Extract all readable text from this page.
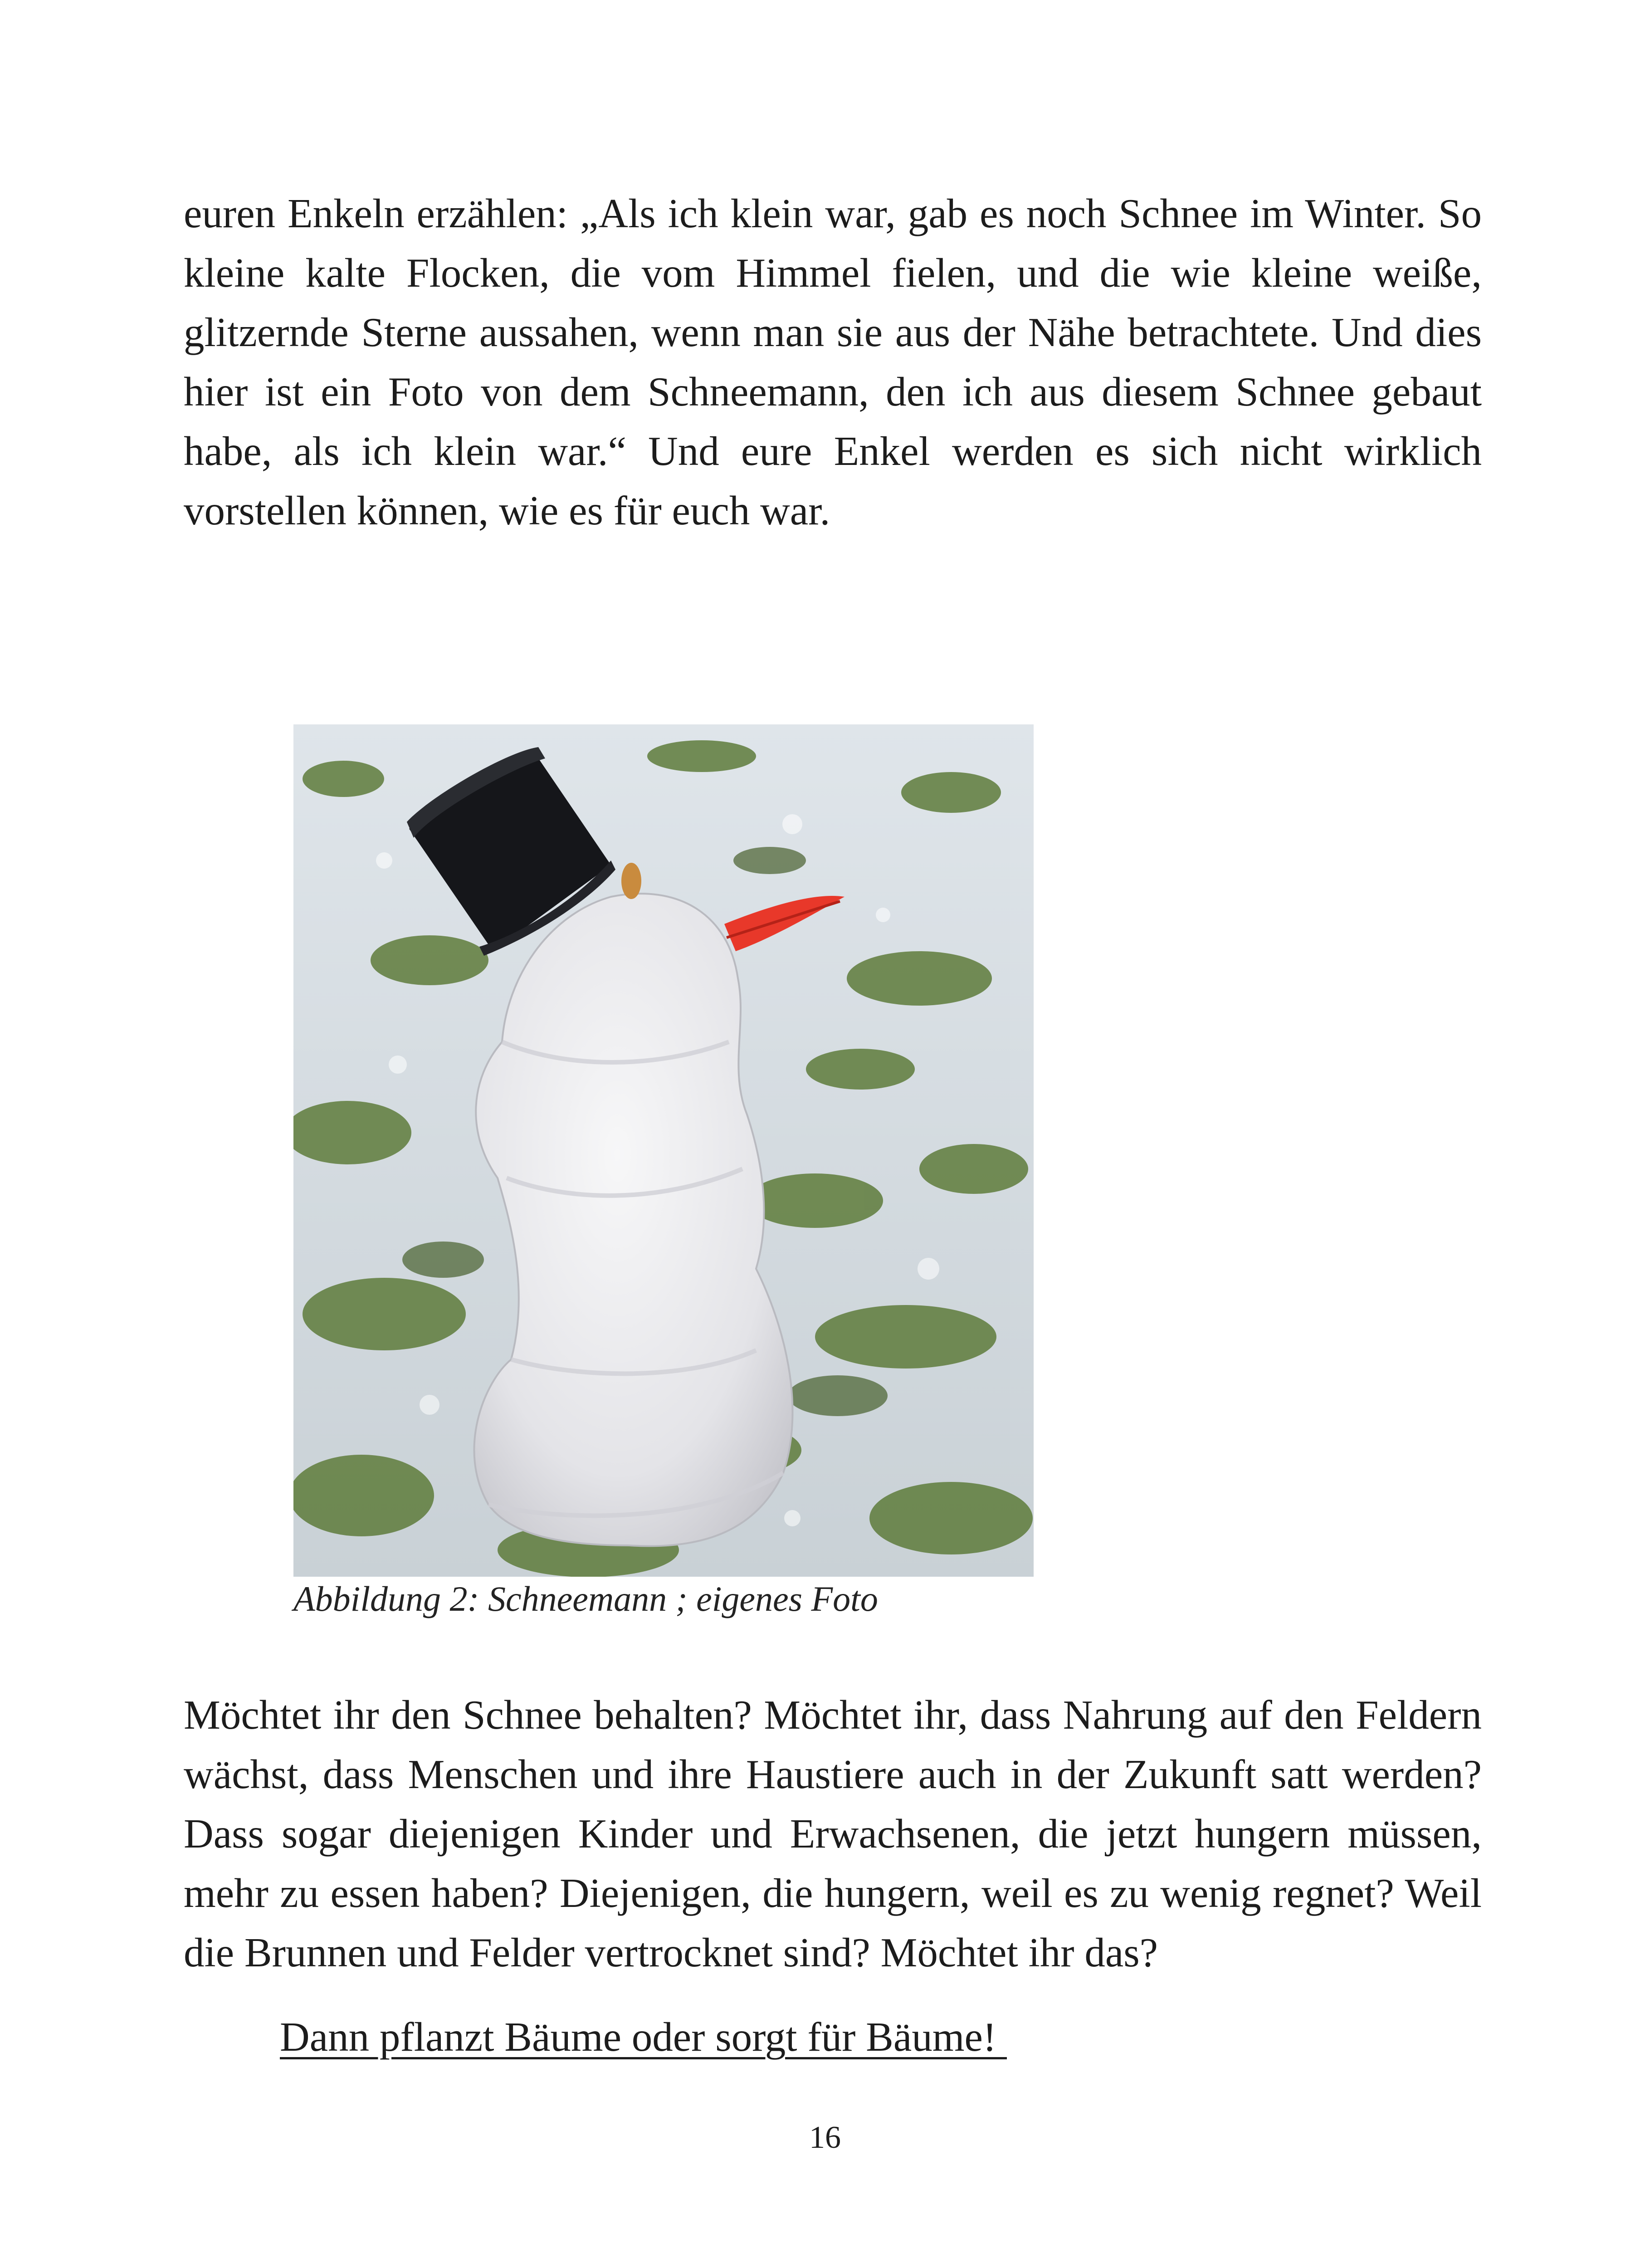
euren Enkeln erzählen: „Als ich klein war, gab es noch Schnee im Winter. So kleine kalte Flocken, die vom Himmel fielen, und die wie kleine weiße, glitzernde Sterne aussahen, wenn man sie aus der Nähe betrachtete. Und dies hier ist ein Foto von dem Schneemann, den ich aus diesem Schnee gebaut habe, als ich klein war.“ Und eure Enkel werden es sich nicht wirklich vorstellen können, wie es für euch war.

Abbildung 2: Schneemann ; eigenes Foto

Möchtet ihr den Schnee behalten? Möchtet ihr, dass Nahrung auf den Feldern wächst, dass Menschen und ihre Haustiere auch in der Zukunft satt werden? Dass sogar diejenigen Kinder und Erwachsenen, die jetzt hungern müssen, mehr zu essen haben? Diejenigen, die hungern, weil es zu wenig regnet? Weil die Brunnen und Felder vertrocknet sind? Möchtet ihr das?

Dann pflanzt Bäume oder sorgt für Bäume!
16
